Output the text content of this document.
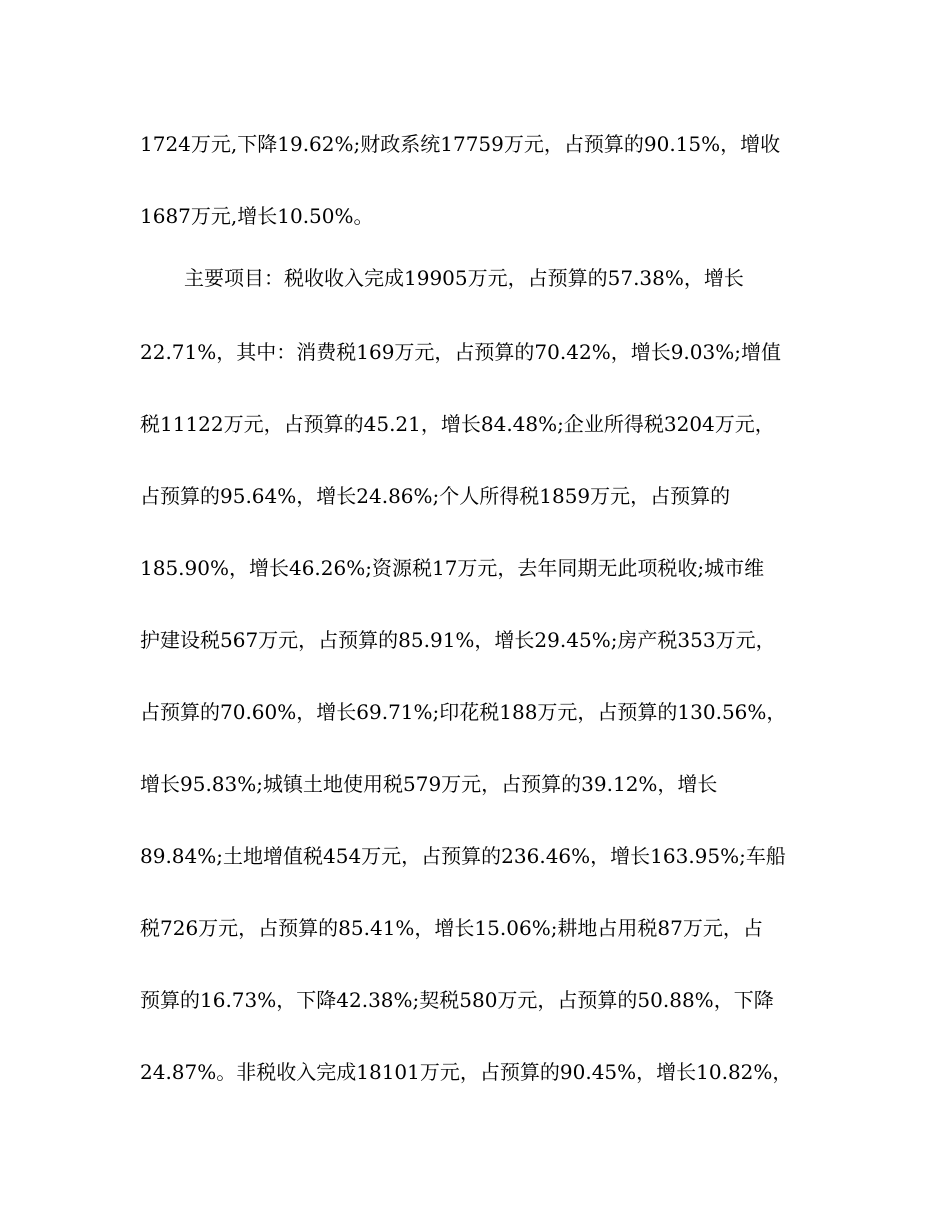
1724万元,下降19.62%;财政系统17759万元，占预算的90.15%，增收
1687万元,增长10.50%。
主要项目：税收收入完成19905万元，占预算的57.38%，增长
22.71%，其中：消费税169万元，占预算的70.42%，增长9.03%;增值
税11122万元，占预算的45.21，增长84.48%;企业所得税3204万元，
占预算的95.64%，增长24.86%;个人所得税1859万元，占预算的
185.90%，增长46.26%;资源税17万元，去年同期无此项税收;城市维
护建设税567万元，占预算的85.91%，增长29.45%;房产税353万元，
占预算的70.60%，增长69.71%;印花税188万元，占预算的130.56%，
增长95.83%;城镇土地使用税579万元，占预算的39.12%，增长
89.84%;土地增值税454万元，占预算的236.46%，增长163.95%;车船
税726万元，占预算的85.41%，增长15.06%;耕地占用税87万元，占
预算的16.73%，下降42.38%;契税580万元，占预算的50.88%，下降
24.87%。非税收入完成18101万元，占预算的90.45%，增长10.82%，
